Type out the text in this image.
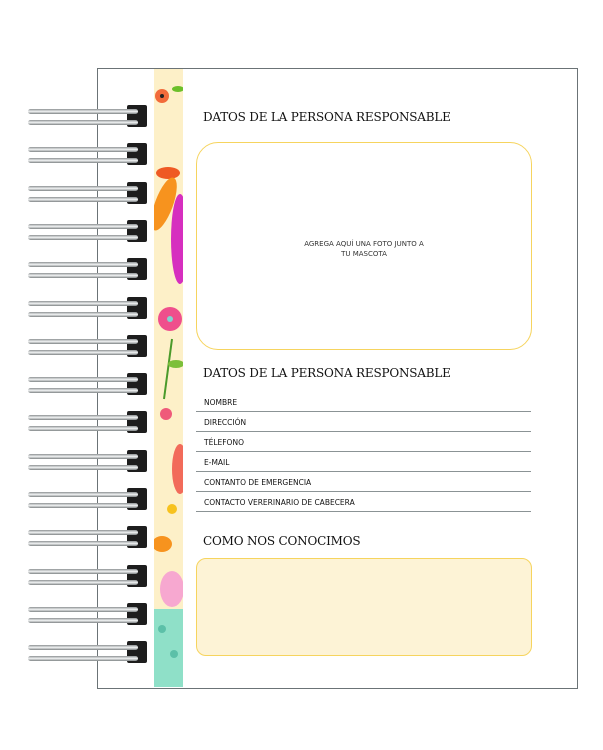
DATOS DE LA PERSONA RESPONSABLE
AGREGA AQUÍ UNA FOTO JUNTO A
TU MASCOTA
DATOS DE LA PERSONA RESPONSABLE
NOMBRE
DIRECCIÓN
TÉLEFONO
E-MAIL
CONTANTO DE EMERGENCIA
CONTACTO VERERINARIO DE CABECERA
COMO NOS CONOCIMOS
